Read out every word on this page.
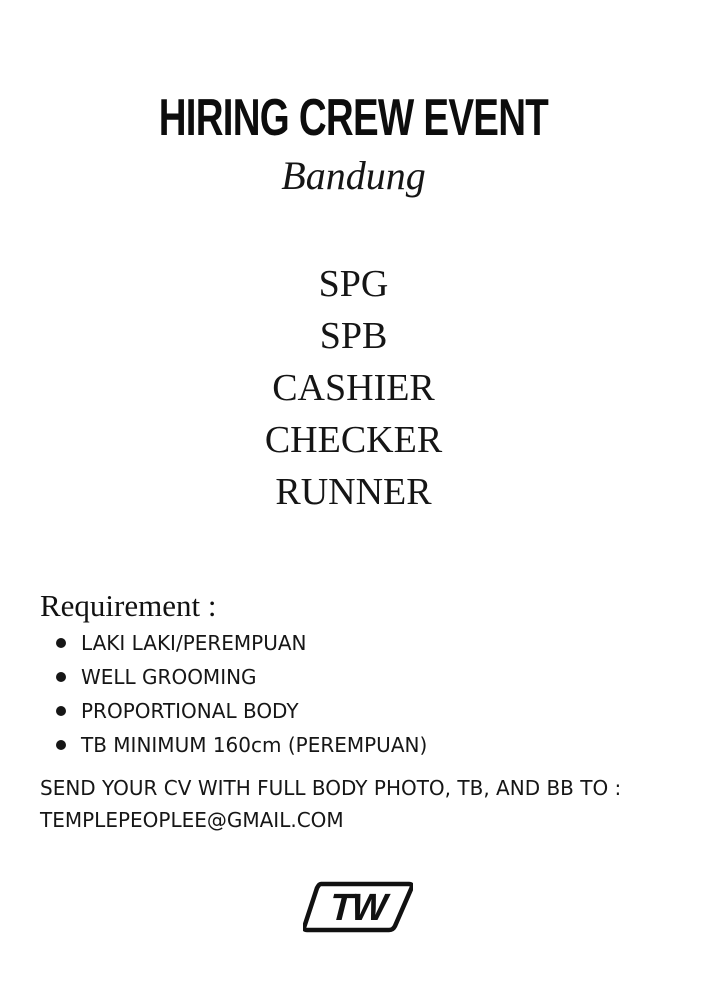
HIRING CREW EVENT
Bandung
SPG
SPB
CASHIER
CHECKER
RUNNER
Requirement :
LAKI LAKI/PEREMPUAN
WELL GROOMING
PROPORTIONAL BODY
TB MINIMUM 160cm (PEREMPUAN)
SEND YOUR CV WITH FULL BODY PHOTO, TB, AND BB TO :
TEMPLEPEOPLEE@GMAIL.COM
TW
